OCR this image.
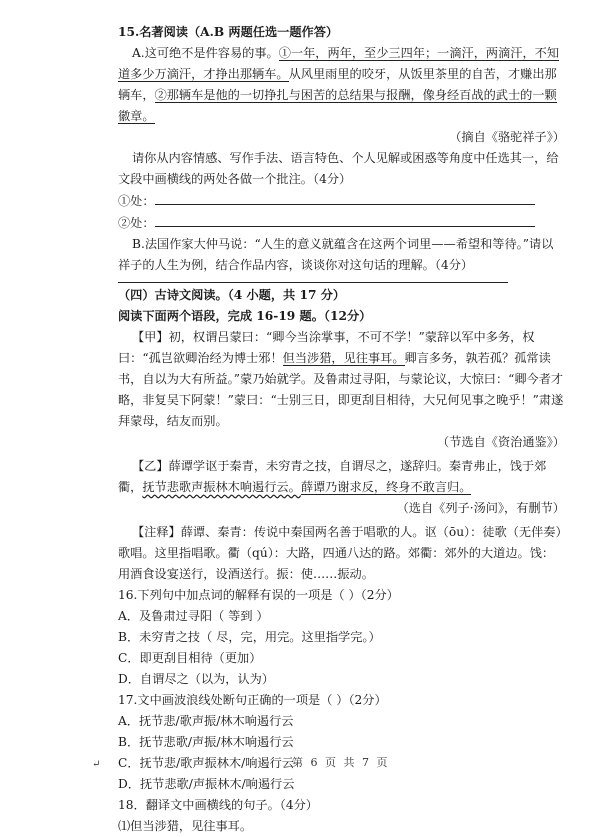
15.名著阅读（A.B 两题任选一题作答）

A.这可绝不是件容易的事。①一年，两年，至少三四年；一滴汗，两滴汗，不知道多少万滴汗，才挣出那辆车。从风里雨里的咬牙，从饭里茶里的自苦，才赚出那辆车，②那辆车是他的一切挣扎与困苦的总结果与报酬，像身经百战的武士的一颗徽章。

（摘自《骆驼祥子》）

请你从内容情感、写作手法、语言特色、个人见解或困惑等角度中任选其一，给文段中画横线的两处各做一个批注。（4分）

①处：

②处：

B.法国作家大仲马说：“人生的意义就蕴含在这两个词里——希望和等待。”请以祥子的人生为例，结合作品内容，谈谈你对这句话的理解。（4分）

（四）古诗文阅读。（4 小题，共 17 分）

阅读下面两个语段，完成 16-19 题。（12分）

【甲】初，权谓吕蒙曰：“卿今当涂掌事，不可不学！”蒙辞以军中多务，权曰：“孤岂欲卿治经为博士邪！但当涉猎，见往事耳。卿言多务，孰若孤？孤常读书，自以为大有所益。”蒙乃始就学。及鲁肃过寻阳，与蒙论议，大惊曰：“卿今者才略，非复吴下阿蒙！”蒙曰：“士别三日，即更刮目相待，大兄何见事之晚乎！”肃遂拜蒙母，结友而别。

（节选自《资治通鉴》）

【乙】薛谭学讴于秦青，未穷青之技，自谓尽之，遂辞归。秦青弗止，饯于郊衢，抚节悲歌声振林木响遏行云。薛谭乃谢求反，终身不敢言归。

（选自《列子·汤问》，有删节）

【注释】薛谭、秦青：传说中秦国两名善于唱歌的人。讴（ōu）：徒歌（无伴奏）歌唱。这里指唱歌。衢（qú）：大路，四通八达的路。郊衢：郊外的大道边。饯：用酒食设宴送行，设酒送行。振：使……振动。

16.下列句中加点词的解释有误的一项是（ ）（2分）

A．及鲁肃过寻阳（ 等到 ）

B．未穷青之技（ 尽，完，用完。这里指学完。）

C．即更刮目相待（更加）

D．自谓尽之（以为，认为）

17.文中画波浪线处断句正确的一项是（ ）（2分）

A．抚节悲/歌声振/林木响遏行云

B．抚节悲歌/声振/林木响遏行云

C．抚节悲/歌声振林木/响遏行云

D．抚节悲歌/声振林木/响遏行云

18．翻译文中画横线的句子。（4分）

⑴但当涉猎，见往事耳。

↵	第 6 页 共 7 页
